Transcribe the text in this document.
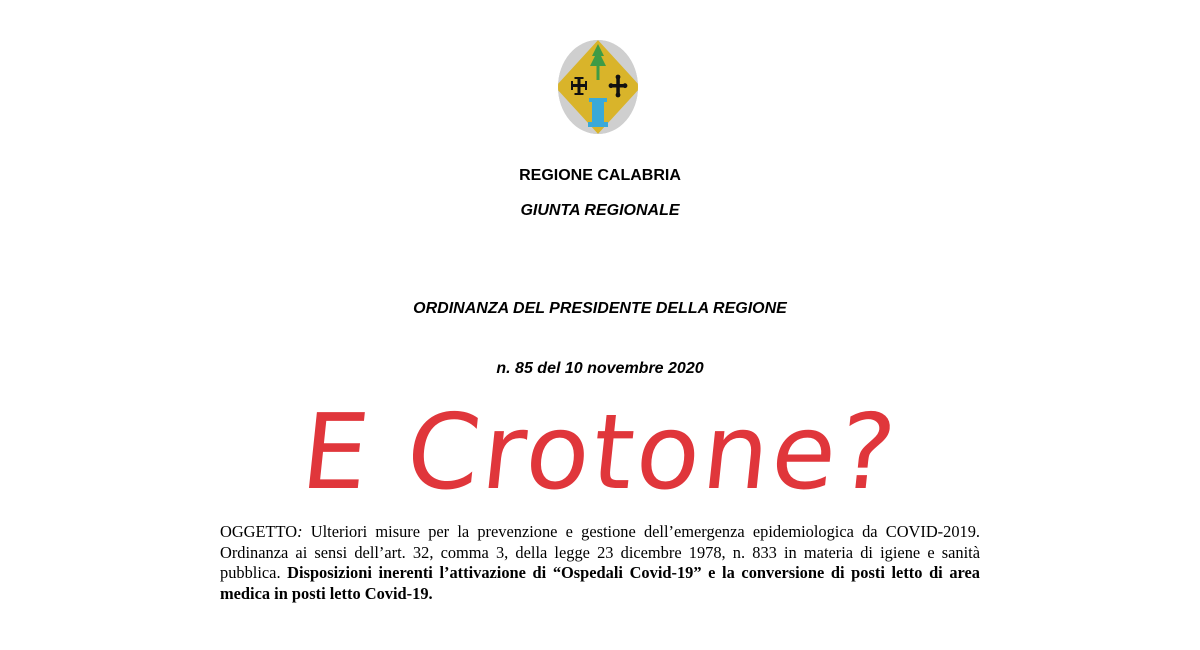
REGIONE CALABRIA
GIUNTA REGIONALE
ORDINANZA DEL PRESIDENTE DELLA REGIONE
n. 85 del 10 novembre 2020
E Crotone?
OGGETTO: Ulteriori misure per la prevenzione e gestione dell’emergenza epidemiologica da COVID-2019. Ordinanza ai sensi dell’art. 32, comma 3, della legge 23 dicembre 1978, n. 833 in materia di igiene e sanità pubblica. Disposizioni inerenti l’attivazione di “Ospedali Covid-19” e la conversione di posti letto di area medica in posti letto Covid-19.
